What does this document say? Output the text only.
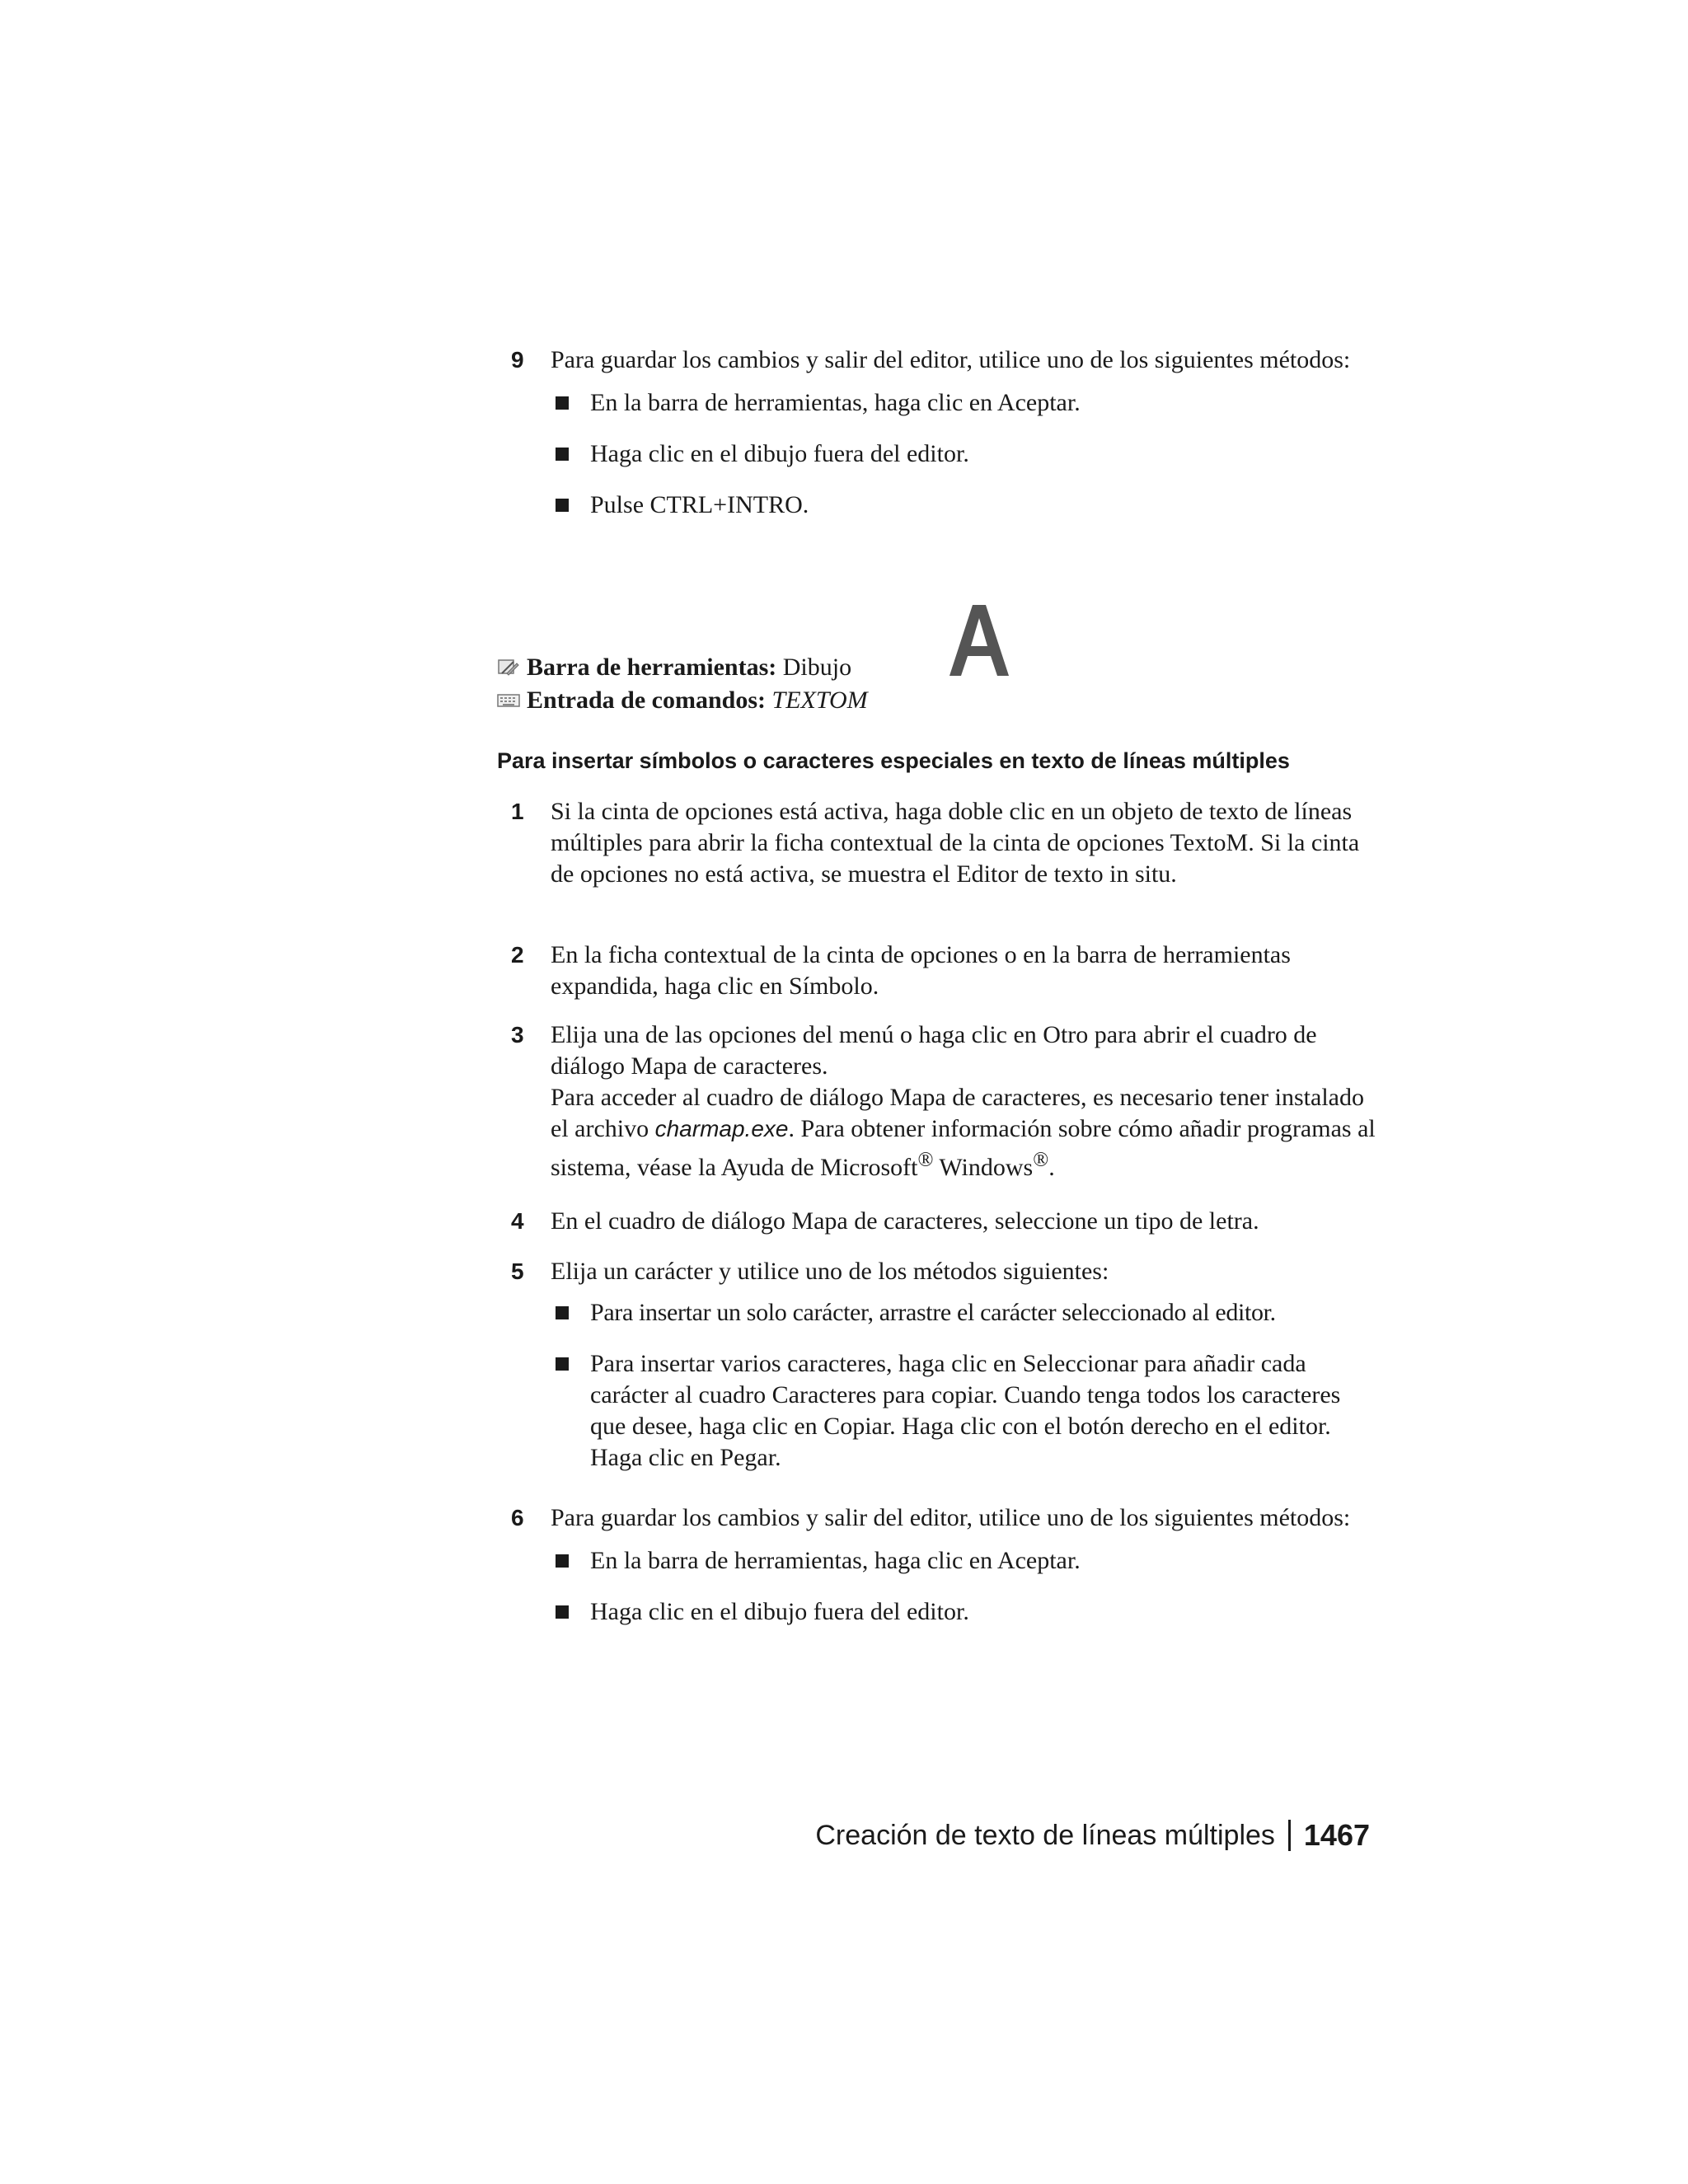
9 Para guardar los cambios y salir del editor, utilice uno de los siguientes métodos:

En la barra de herramientas, haga clic en Aceptar.
Haga clic en el dibujo fuera del editor.
Pulse CTRL+INTRO.
Barra de herramientas:
Dibujo
Entrada de comandos:
TEXTOM
Para insertar símbolos o caracteres especiales en texto de líneas múltiples
1 Si la cinta de opciones está activa, haga doble clic en un objeto de texto de líneas múltiples para abrir la ficha contextual de la cinta de opciones TextoM. Si la cinta de opciones no está activa, se muestra el Editor de texto in situ.

2 En la ficha contextual de la cinta de opciones o en la barra de herramientas expandida, haga clic en Símbolo.

3 Elija una de las opciones del menú o haga clic en Otro para abrir el cuadro de diálogo Mapa de caracteres.

Para acceder al cuadro de diálogo Mapa de caracteres, es necesario tener instalado el archivo charmap.exe. Para obtener información sobre cómo añadir programas al sistema, véase la Ayuda de Microsoft® Windows®.

4 En el cuadro de diálogo Mapa de caracteres, seleccione un tipo de letra.

5 Elija un carácter y utilice uno de los métodos siguientes:

Para insertar un solo carácter, arrastre el carácter seleccionado al editor.
Para insertar varios caracteres, haga clic en Seleccionar para añadir cada carácter al cuadro Caracteres para copiar. Cuando tenga todos los caracteres que desee, haga clic en Copiar. Haga clic con el botón derecho en el editor. Haga clic en Pegar.
6 Para guardar los cambios y salir del editor, utilice uno de los siguientes métodos:

En la barra de herramientas, haga clic en Aceptar.
Haga clic en el dibujo fuera del editor.
Creación de texto de líneas múltiples 1467
